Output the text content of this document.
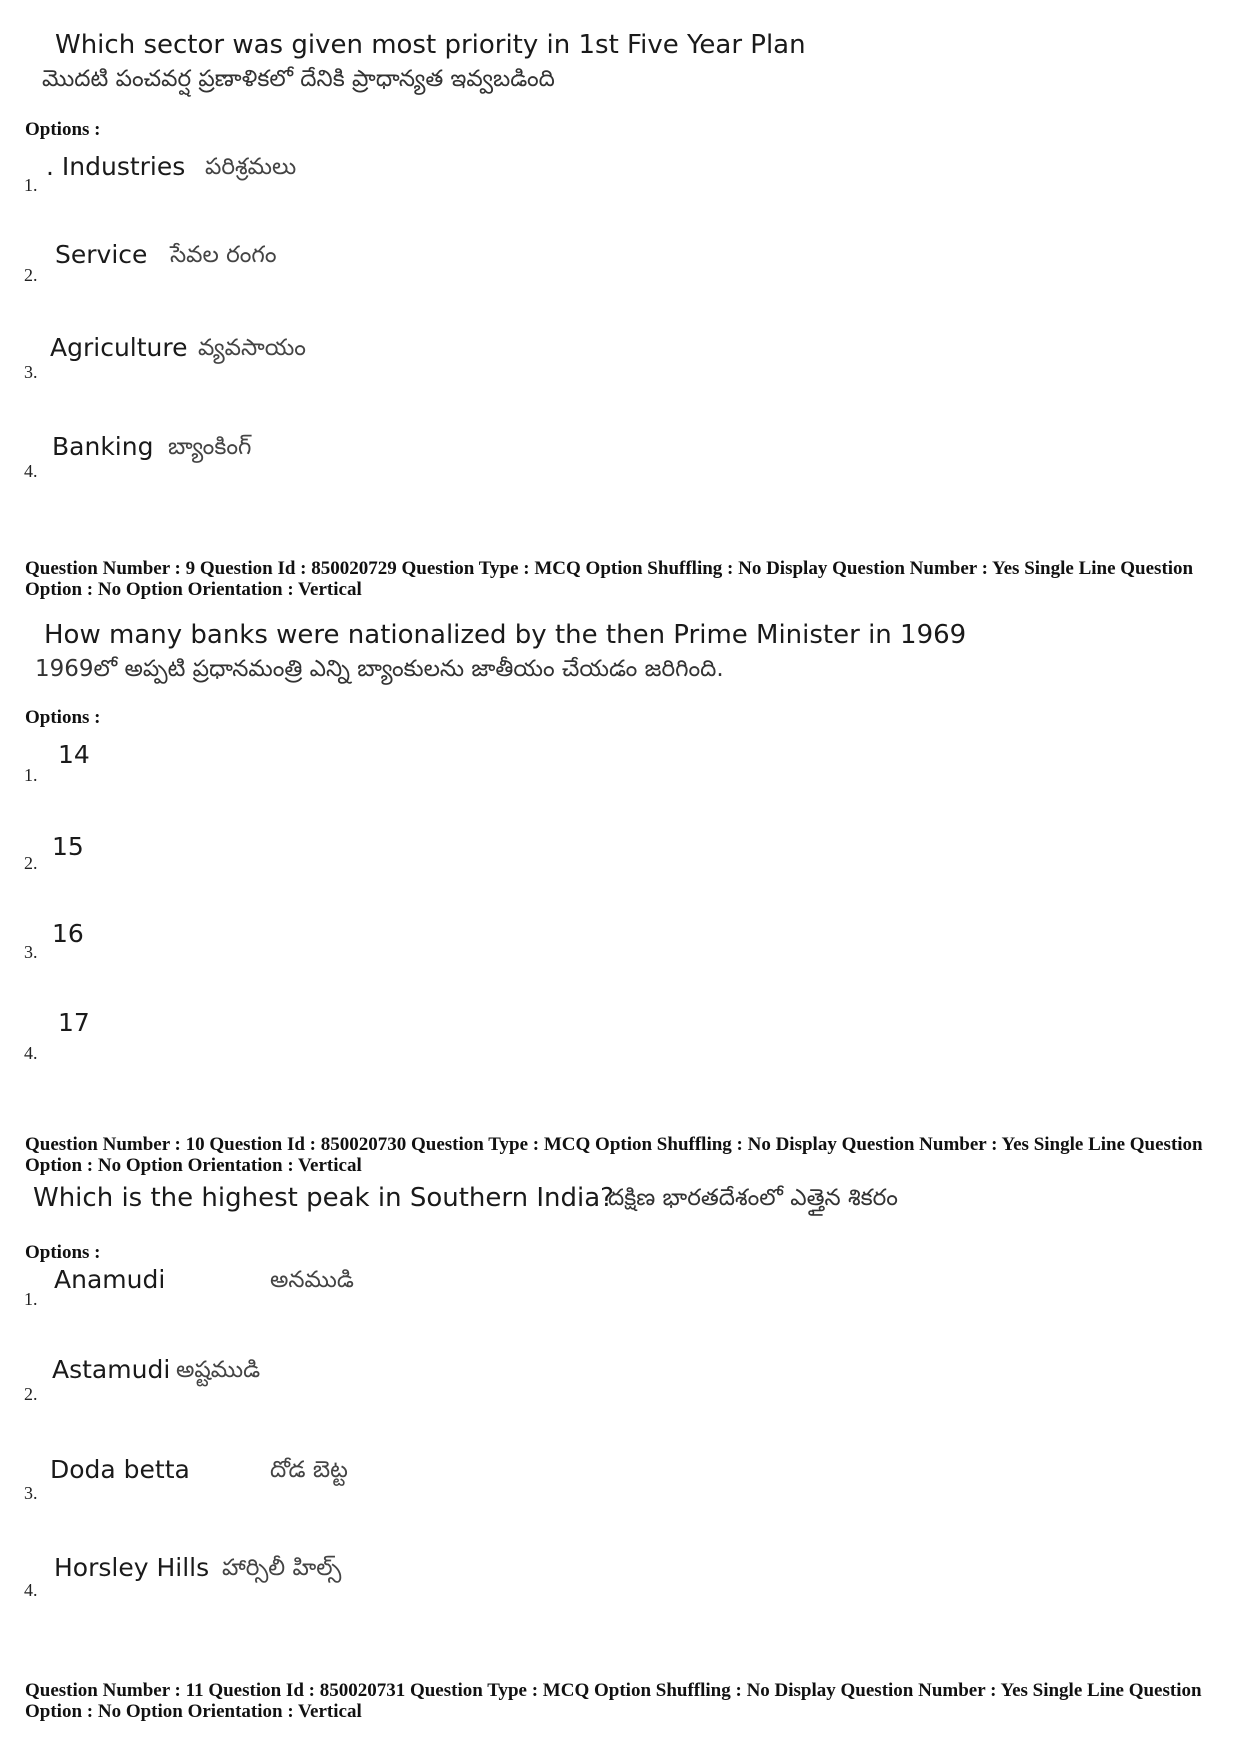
Which sector was given most priority in 1st Five Year Plan
మొదటి పంచవర్ష ప్రణాళికలో దేనికి ప్రాధాన్యత ఇవ్వబడింది
Options :
1.
. Industries పరిశ్రమలు
2.
Service సేవల రంగం
3.
Agriculture వ్యవసాయం
4.
Banking బ్యాంకింగ్
Question Number : 9 Question Id : 850020729 Question Type : MCQ Option Shuffling : No Display Question Number : Yes Single Line Question Option : No Option Orientation : Vertical
How many banks were nationalized by the then Prime Minister in 1969
1969లో అప్పటి ప్రధానమంత్రి ఎన్ని బ్యాంకులను జాతీయం చేయడం జరిగింది.
Options :
1.
14
2.
15
3.
16
4.
17
Question Number : 10 Question Id : 850020730 Question Type : MCQ Option Shuffling : No Display Question Number : Yes Single Line Question Option : No Option Orientation : Vertical
Which is the highest peak in Southern India?
దక్షిణ భారతదేశంలో ఎత్తైన శికరం
Options :
1.
Anamudi	అనముడి
2.
Astamudi అష్టముడి
3.
Doda betta	దోడ బెట్ట
4.
Horsley Hills హార్సిలీ హిల్స్
Question Number : 11 Question Id : 850020731 Question Type : MCQ Option Shuffling : No Display Question Number : Yes Single Line Question Option : No Option Orientation : Vertical
